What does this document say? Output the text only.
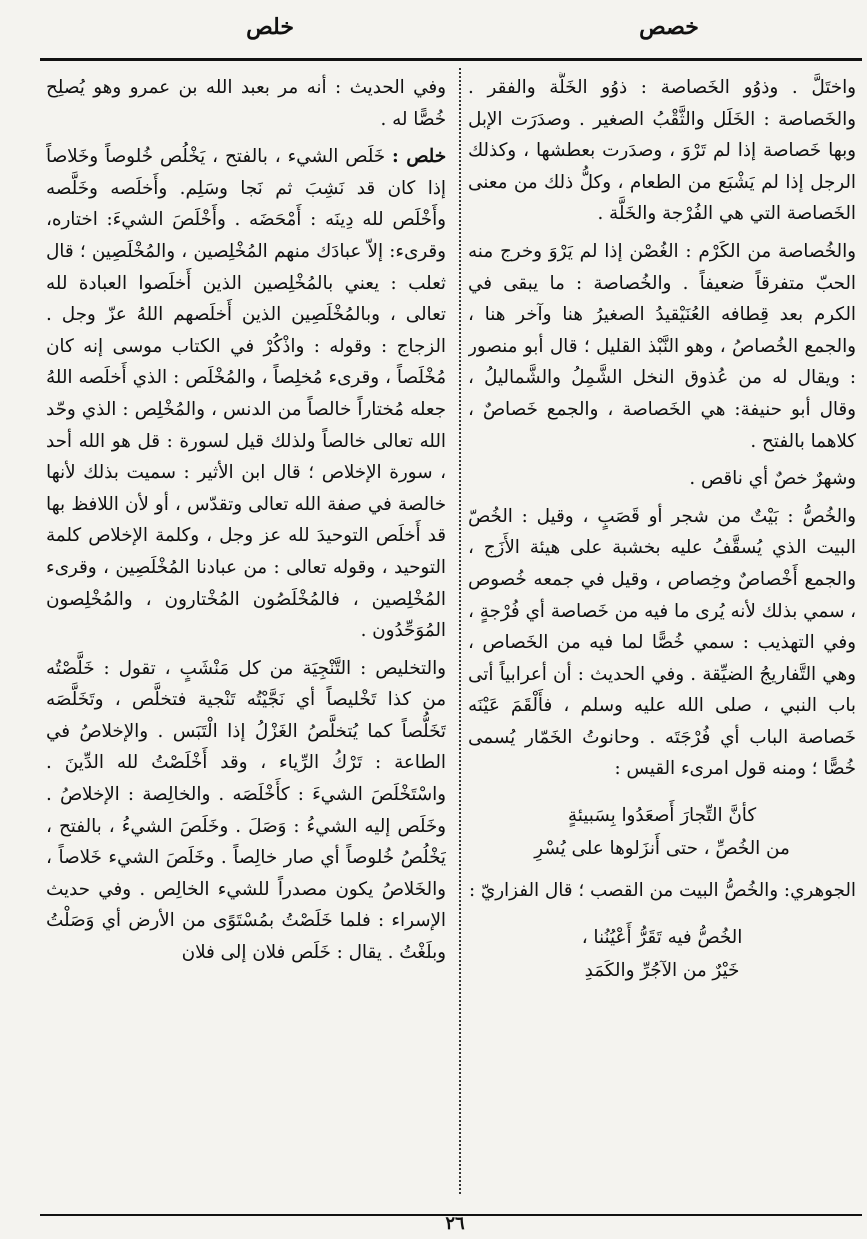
خصص
خلص

واختَلَّ . وذوُو الخَصاصة : ذوُو الخَلَّة والفقر . والخَصاصة : الخَلَل والثَّقْبُ الصغير . وصدَرَت الإبل وبها خَصاصة إذا لم تَرْوَ ، وصدَرت بعطشها ، وكذلك الرجل إذا لم يَشْبَع من الطعام ، وكلُّ ذلك من معنى الخَصاصة التي هي الفُرْجة والخَلَّة .

والخُصاصة من الكَرْم : الغُصْن إذا لم يَرْوَ وخرج منه الحبّ متفرقاً ضعيفاً . والخُصاصة : ما يبقى في الكرم بعد قِطافه العُنَيْقيدُ الصغيرُ هنا وآخر هنا ، والجمع الخُصاصُ ، وهو النَّبْذ القليل ؛ قال أبو منصور : ويقال له من عُذوق النخل الشَّمِلُ والشَّماليلُ ، وقال أبو حنيفة: هي الخَصاصة ، والجمع خَصاصٌ ، كلاهما بالفتح .

وشهرٌ خصٌ أي ناقص .

والخُصُّ : بَيْتٌ من شجر أو قَصَبٍ ، وقيل : الخُصّ البيت الذي يُسقَّفُ عليه بخشبة على هيئة الأَزَج ، والجمع أَخْصاصٌ وخِصاص ، وقيل في جمعه خُصوص ، سمي بذلك لأنه يُرى ما فيه من خَصاصة أي فُرْجةٍ ، وفي التهذيب : سمي خُصًّا لما فيه من الخَصاص ، وهي التَّفاريجُ الضيِّقة . وفي الحديث : أن أعرابياً أتى باب النبي ، صلى الله عليه وسلم ، فأَلْقَمَ عَيْنَه خَصاصة الباب أي فُرْجَتَه . وحانوتُ الخَمّار يُسمى خُصًّا ؛ ومنه قول امرىء القيس :

كأنَّ التِّجارَ أَصعَدُوا بِسَبيئةٍ
من الخُصِّ ، حتى أَنزَلوها على يُسْرِ

الجوهري: والخُصُّ البيت من القصب ؛ قال الفزاريّ :

الخُصُّ فيه تَقَرُّ أَعْيُنُنا ،
خَيْرٌ من الآجُرِّ والكَمَدِ

وفي الحديث : أنه مر بعبد الله بن عمرو وهو يُصلِح خُصًّا له .

خلص : خَلَص الشيء ، بالفتح ، يَخْلُص خُلوصاً وخَلاصاً إذا كان قد نَشِبَ ثم نَجا وسَلِم. وأَخلَصه وخَلَّصه وأَخْلَص لله دِينَه : أَمْحَضَه . وأَخْلَصَ الشيءَ: اختاره، وقرىء: إلاّ عبادَك منهم المُخْلِصين ، والمُخْلَصِين ؛ قال ثعلب : يعني بالمُخْلِصين الذين أَخلَصوا العبادة لله تعالى ، وبالمُخْلَصِين الذين أَخلَصهم اللهُ عزّ وجل . الزجاج : وقوله : واذْكُرْ في الكتاب موسى إنه كان مُخْلَصاً ، وقرىء مُخلِصاً ، والمُخْلَص : الذي أَخلَصه اللهُ جعله مُختاراً خالصاً من الدنس ، والمُخْلِص : الذي وحّد الله تعالى خالصاً ولذلك قيل لسورة : قل هو الله أحد ، سورة الإخلاص ؛ قال ابن الأثير : سميت بذلك لأنها خالصة في صفة الله تعالى وتقدّس ، أو لأن اللافظ بها قد أَخلَص التوحيدَ لله عز وجل ، وكلمة الإخلاص كلمة التوحيد ، وقوله تعالى : من عبادنا المُخْلَصِين ، وقرىء المُخْلِصين ، فالمُخْلَصُون المُخْتارون ، والمُخْلِصون المُوَحِّدُون .

والتخليص : التَّنْجِيَة من كل مَنْشَبٍ ، تقول : خَلَّصْتُه من كذا تَخْليصاً أي نَجَّيْتُه تَنْجية فتخلَّص ، وتَخَلَّصَه تَخَلُّصاً كما يُتخلَّصُ الغَزْلُ إذا الْتَبَس . والإخلاصُ في الطاعة : تَرْكُ الرِّياء ، وقد أَخْلَصْتُ لله الدِّينَ . واسْتَخْلَصَ الشيءَ : كأَخْلَصَه . والخالِصة : الإخلاصُ . وخَلَص إليه الشيءُ : وَصَلَ . وخَلَصَ الشيءُ ، بالفتح ، يَخْلُصُ خُلوصاً أي صار خالِصاً . وخَلَصَ الشيء خَلاصاً ، والخَلاصُ يكون مصدراً للشيء الخالِص . وفي حديث الإسراء : فلما خَلَصْتُ بمُسْتَوًى من الأرض أي وَصَلْتُ وبلَغْتُ . يقال : خَلَص فلان إلى فلان

٢٦
